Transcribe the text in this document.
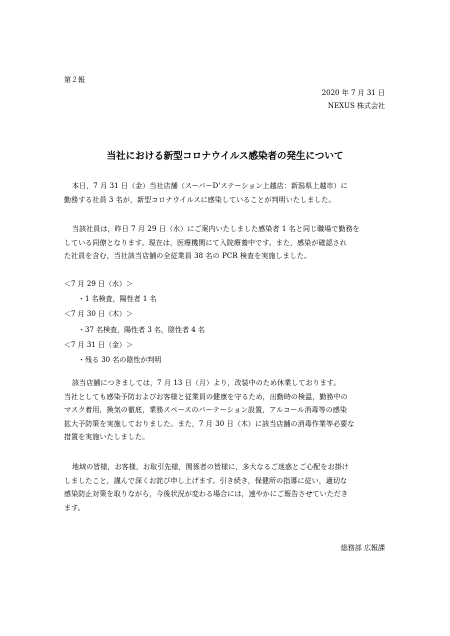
第２報
2020 年 7 月 31 日
NEXUS 株式会社
当社における新型コロナウイルス感染者の発生について
本日，7 月 31 日（金）当社店舗（スーパーD'ステーション上越店：新潟県上越市）に
勤務する社員 3 名が，新型コロナウイルスに感染していることが判明いたしました。
当該社員は，昨日 7 月 29 日（水）にご案内いたしました感染者 1 名と同じ職場で勤務を
している同僚となります。現在は，医療機関にて入院療養中です。また，感染が確認され
た社員を含む，当社該当店舗の全従業員 38 名の PCR 検査を実施しました。
＜7 月 29 日（水）＞
・1 名検査，陽性者 1 名
＜7 月 30 日（木）＞
・37 名検査，陽性者 3 名，陰性者 4 名
＜7 月 31 日（金）＞
・残る 30 名の陰性が判明
該当店舗につきましては，7 月 13 日（月）より，改装中のため休業しております。
当社としても感染予防およびお客様と従業員の健康を守るため，出勤時の検温，勤務中の
マスク着用，換気の徹底，業務スペースのパーテーション設置，アルコール消毒等の感染
拡大予防策を実施しておりました。また，7 月 30 日（木）に該当店舗の消毒作業等必要な
措置を実施いたしました。
地域の皆様，お客様，お取引先様，関係者の皆様に，多大なるご迷惑とご心配をお掛け
しましたこと，謹んで深くお詫び申し上げます。引き続き，保健所の指導に従い，適切な
感染防止対策を取りながら，今後状況が変わる場合には，速やかにご報告させていただき
ます。
総務部 広報課
